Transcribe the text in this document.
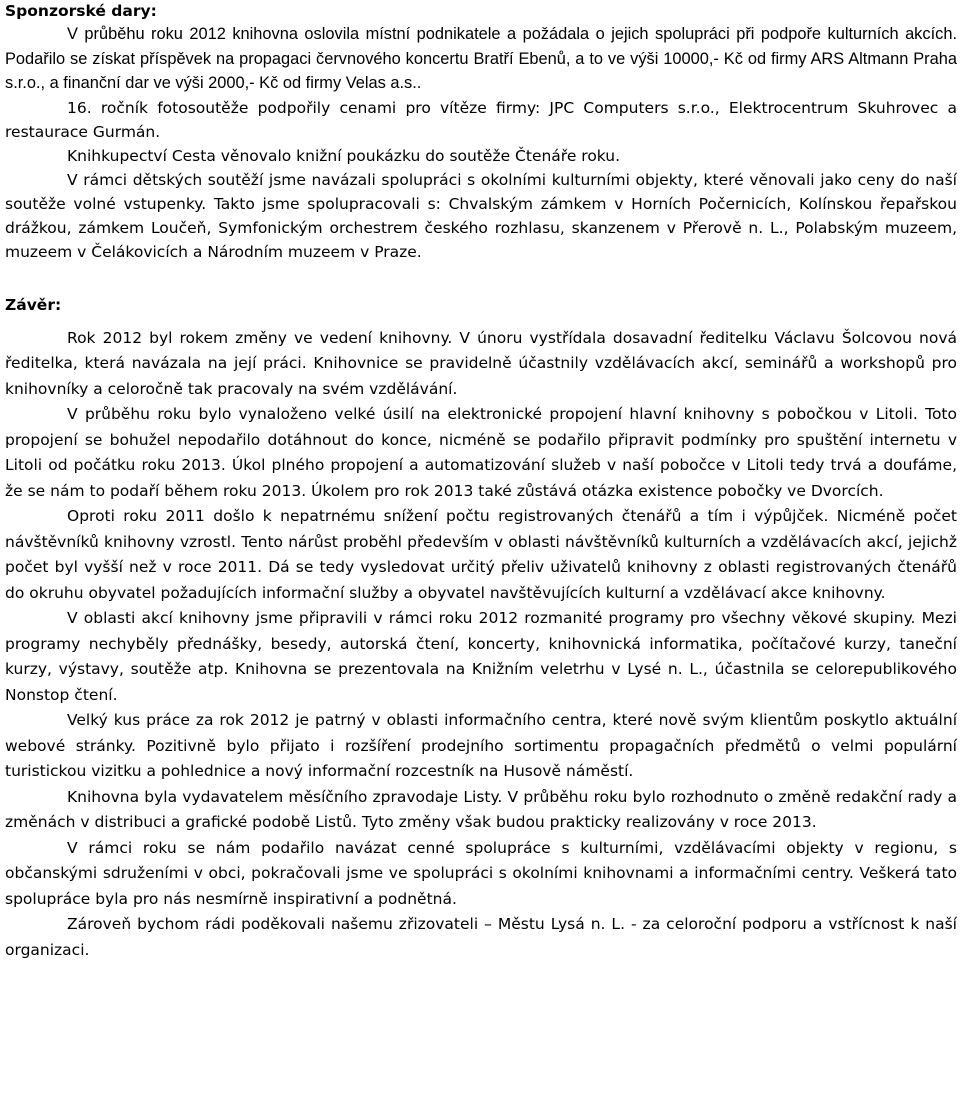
Sponzorské dary:

V průběhu roku 2012 knihovna oslovila místní podnikatele a požádala o jejich spolupráci při podpoře kulturních akcích. Podařilo se získat příspěvek na propagaci červnového koncertu Bratří Ebenů, a to ve výši 10000,- Kč od firmy ARS Altmann Praha s.r.o., a finanční dar ve výši 2000,- Kč od firmy Velas a.s..

16. ročník fotosoutěže podpořily cenami pro vítěze firmy: JPC Computers s.r.o., Elektrocentrum Skuhrovec a restaurace Gurmán.

Knihkupectví Cesta věnovalo knižní poukázku do soutěže Čtenáře roku.

V rámci dětských soutěží jsme navázali spolupráci s okolními kulturními objekty, které věnovali jako ceny do naší soutěže volné vstupenky. Takto jsme spolupracovali s: Chvalským zámkem v Horních Počernicích, Kolínskou řepařskou drážkou, zámkem Loučeň, Symfonickým orchestrem českého rozhlasu, skanzenem v Přerově n. L., Polabským muzeem, muzeem v Čelákovicích a Národním muzeem v Praze.

Závěr:

Rok 2012 byl rokem změny ve vedení knihovny. V únoru vystřídala dosavadní ředitelku Václavu Šolcovou nová ředitelka, která navázala na její práci. Knihovnice se pravidelně účastnily vzdělávacích akcí, seminářů a workshopů pro knihovníky a celoročně tak pracovaly na svém vzdělávání.

V průběhu roku bylo vynaloženo velké úsilí na elektronické propojení hlavní knihovny s pobočkou v Litoli. Toto propojení se bohužel nepodařilo dotáhnout do konce, nicméně se podařilo připravit podmínky pro spuštění internetu v Litoli od počátku roku 2013. Úkol plného propojení a automatizování služeb v naší pobočce v Litoli tedy trvá a doufáme, že se nám to podaří během roku 2013. Úkolem pro rok 2013 také zůstává otázka existence pobočky ve Dvorcích.

Oproti roku 2011 došlo k nepatrnému snížení počtu registrovaných čtenářů a tím i výpůjček. Nicméně počet návštěvníků knihovny vzrostl. Tento nárůst proběhl především v oblasti návštěvníků kulturních a vzdělávacích akcí, jejichž počet byl vyšší než v roce 2011. Dá se tedy vysledovat určitý přeliv uživatelů knihovny z oblasti registrovaných čtenářů do okruhu obyvatel požadujících informační služby a obyvatel navštěvujících kulturní a vzdělávací akce knihovny.

V oblasti akcí knihovny jsme připravili v rámci roku 2012 rozmanité programy pro všechny věkové skupiny. Mezi programy nechyběly přednášky, besedy, autorská čtení, koncerty, knihovnická informatika, počítačové kurzy, taneční kurzy, výstavy, soutěže atp. Knihovna se prezentovala na Knižním veletrhu v Lysé n. L., účastnila se celorepublikového Nonstop čtení.

Velký kus práce za rok 2012 je patrný v oblasti informačního centra, které nově svým klientům poskytlo aktuální webové stránky. Pozitivně bylo přijato i rozšíření prodejního sortimentu propagačních předmětů o velmi populární turistickou vizitku a pohlednice a nový informační rozcestník na Husově náměstí.

Knihovna byla vydavatelem měsíčního zpravodaje Listy. V průběhu roku bylo rozhodnuto o změně redakční rady a změnách v distribuci a grafické podobě Listů. Tyto změny však budou prakticky realizovány v roce 2013.

V rámci roku se nám podařilo navázat cenné spolupráce s kulturními, vzdělávacími objekty v regionu, s občanskými sdruženími v obci, pokračovali jsme ve spolupráci s okolními knihovnami a informačními centry. Veškerá tato spolupráce byla pro nás nesmírně inspirativní a podnětná.

Zároveň bychom rádi poděkovali našemu zřizovateli – Městu Lysá n. L. - za celoroční podporu a vstřícnost k naší organizaci.
